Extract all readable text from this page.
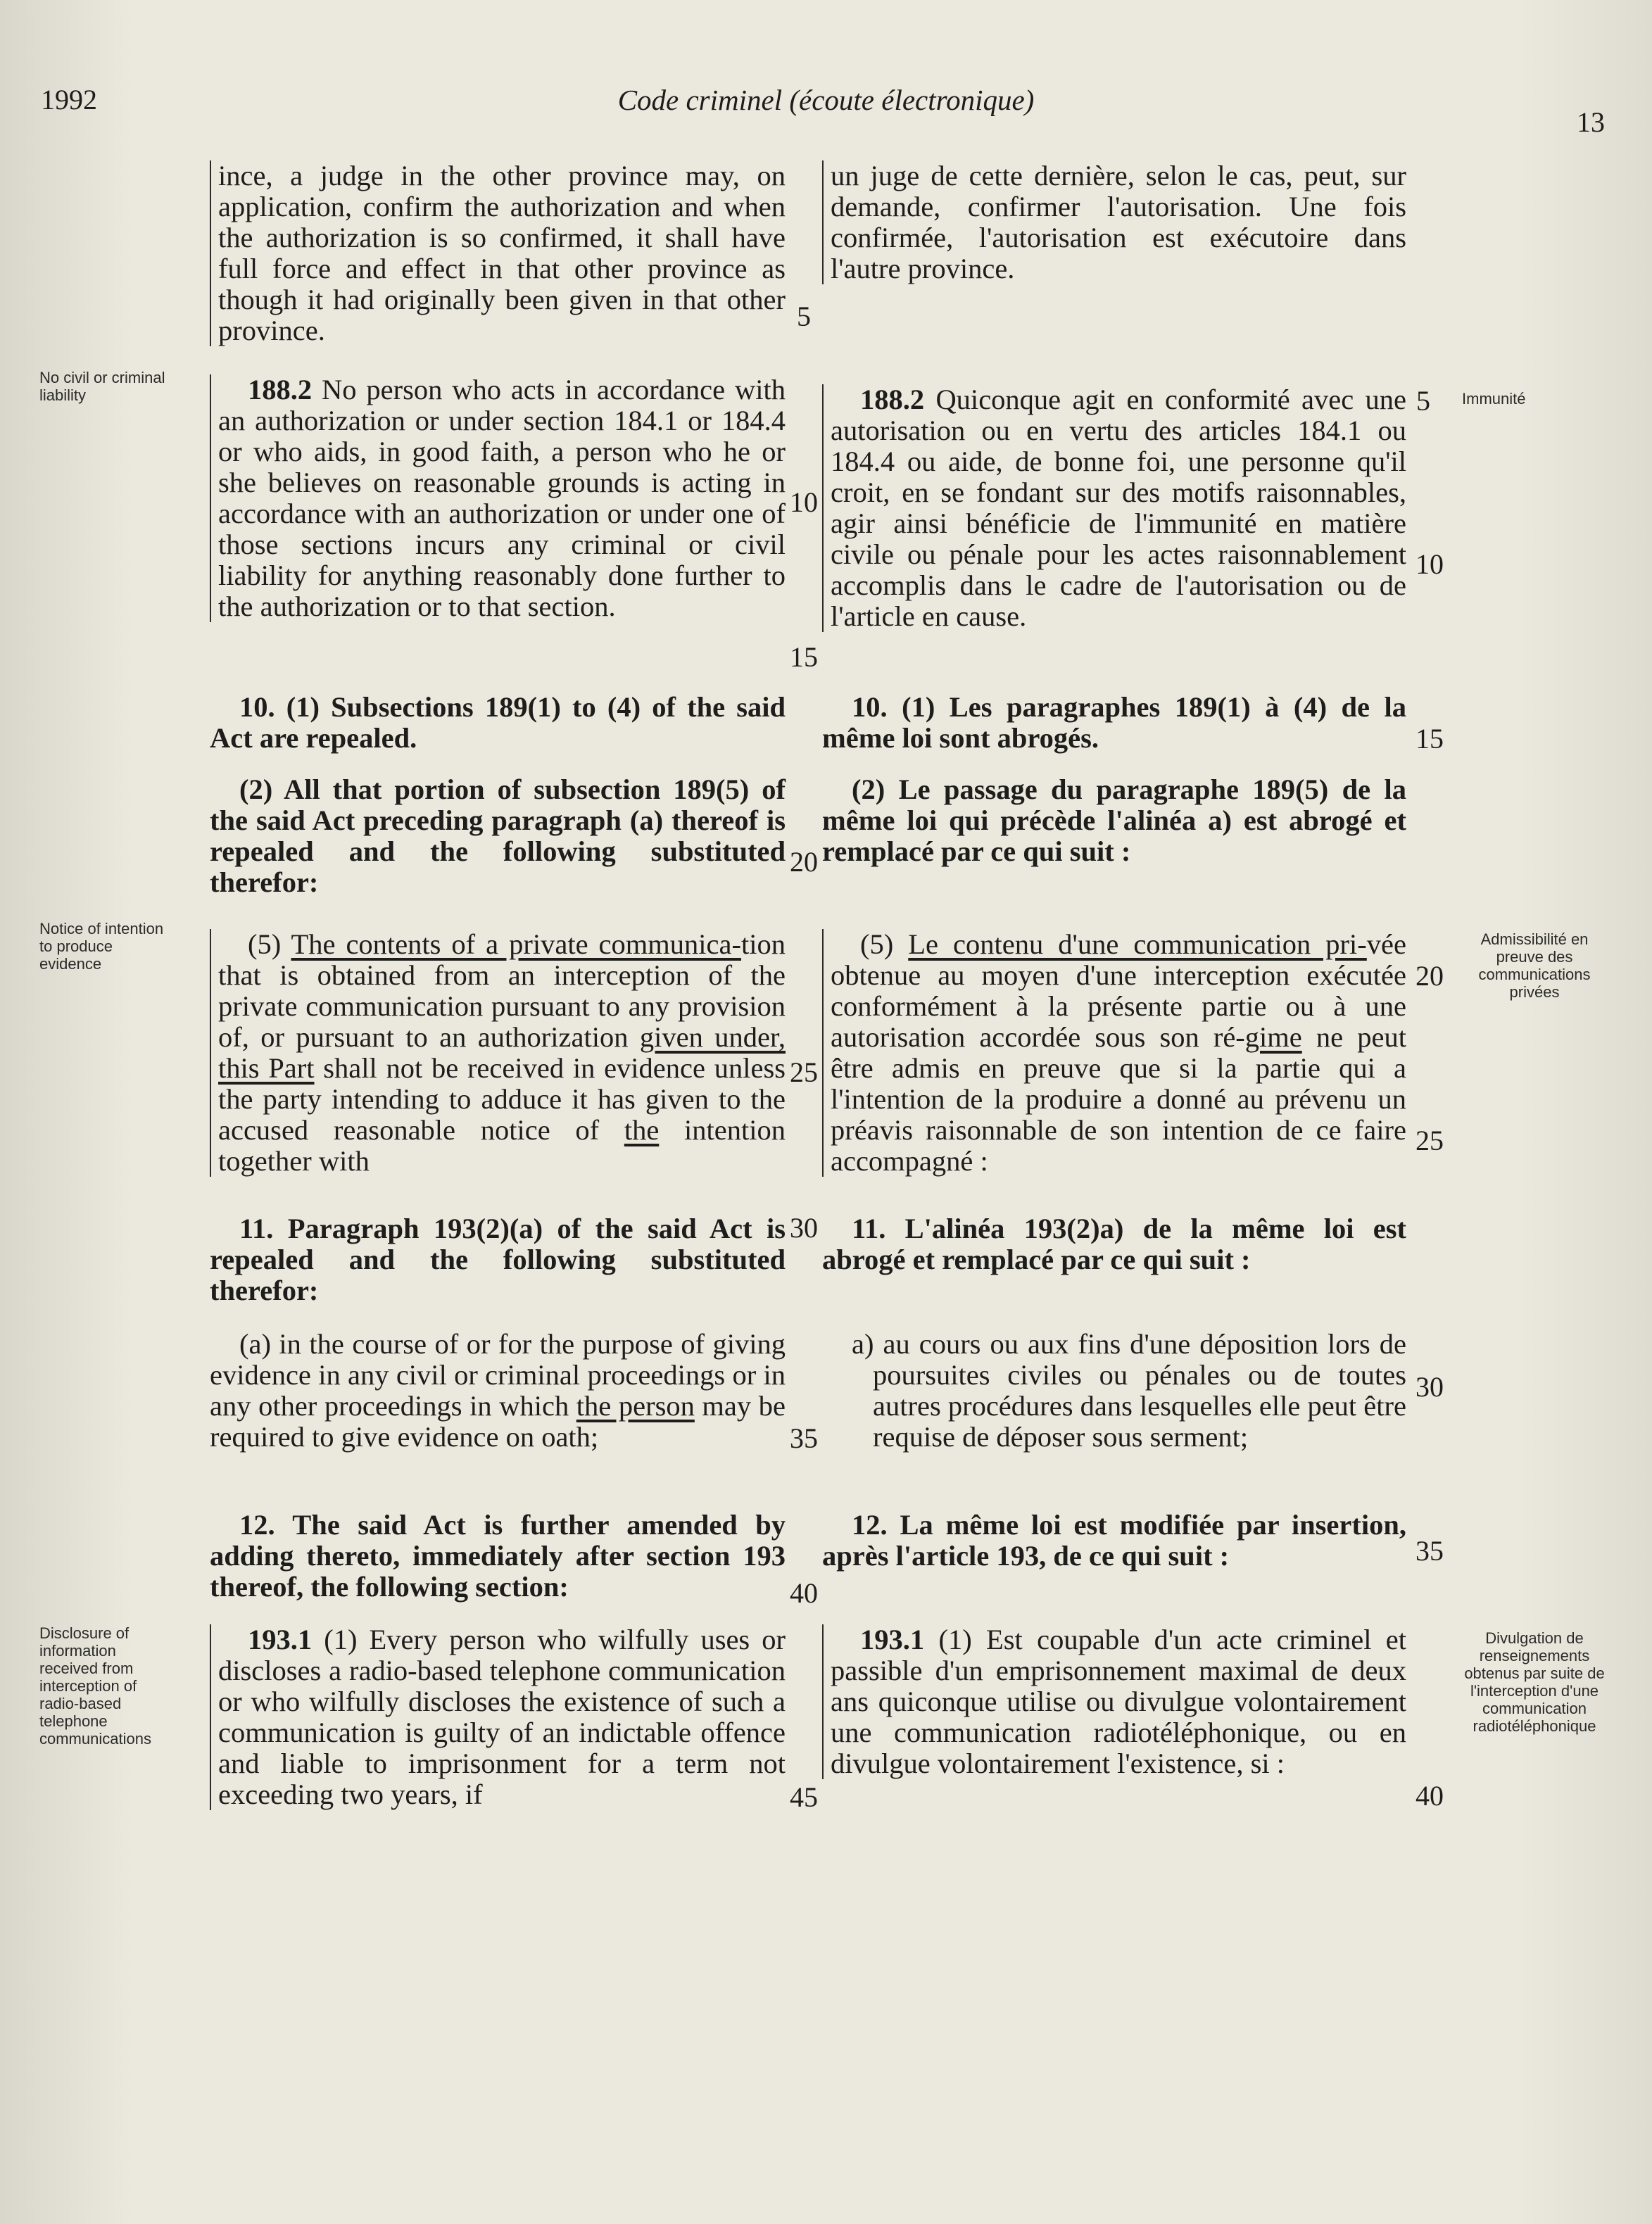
1992	Code criminel (écoute électronique)
13
No civil or criminal liability
Notice of intention to produce evidence
Disclosure of information received from interception of radio-based telephone communications
Immunité
Admissibilité en preuve des communications privées
Divulgation de renseignements obtenus par suite de l'interception d'une communication radiotéléphonique

ince, a judge in the other province may, on application, confirm the authorization and when the authorization is so confirmed, it shall have full force and effect in that other province as though it had originally been given in that other province.

188.2 No person who acts in accordance with an authorization or under section 184.1 or 184.4 or who aids, in good faith, a person who he or she believes on reasonable grounds is acting in accordance with an authorization or under one of those sections incurs any criminal or civil liability for anything reasonably done further to the authorization or to that section.

10. (1) Subsections 189(1) to (4) of the said Act are repealed.

(2) All that portion of subsection 189(5) of the said Act preceding paragraph (a) thereof is repealed and the following substituted therefor:

(5) The contents of a private communica-tion that is obtained from an interception of the private communication pursuant to any provision of, or pursuant to an authorization given under, this Part shall not be received in evidence unless the party intending to adduce it has given to the accused reasonable notice of the intention together with

11. Paragraph 193(2)(a) of the said Act is repealed and the following substituted therefor:

(a) in the course of or for the purpose of giving evidence in any civil or criminal proceedings or in any other proceedings in which the person may be required to give evidence on oath;

12. The said Act is further amended by adding thereto, immediately after section 193 thereof, the following section:

193.1 (1) Every person who wilfully uses or discloses a radio-based telephone communication or who wilfully discloses the existence of such a communication is guilty of an indictable offence and liable to imprisonment for a term not exceeding two years, if

5
10
15
20
25
30
35
40
45

un juge de cette dernière, selon le cas, peut, sur demande, confirmer l'autorisation. Une fois confirmée, l'autorisation est exécutoire dans l'autre province.

188.2 Quiconque agit en conformité avec une autorisation ou en vertu des articles 184.1 ou 184.4 ou aide, de bonne foi, une personne qu'il croit, en se fondant sur des motifs raisonnables, agir ainsi bénéficie de l'immunité en matière civile ou pénale pour les actes raisonnablement accomplis dans le cadre de l'autorisation ou de l'article en cause.

10. (1) Les paragraphes 189(1) à (4) de la même loi sont abrogés.

(2) Le passage du paragraphe 189(5) de la même loi qui précède l'alinéa a) est abrogé et remplacé par ce qui suit :

(5) Le contenu d'une communication pri-vée obtenue au moyen d'une interception exécutée conformément à la présente partie ou à une autorisation accordée sous son ré-gime ne peut être admis en preuve que si la partie qui a l'intention de la produire a donné au prévenu un préavis raisonnable de son intention de ce faire accompagné :

11. L'alinéa 193(2)a) de la même loi est abrogé et remplacé par ce qui suit :

a) au cours ou aux fins d'une déposition lors de poursuites civiles ou pénales ou de toutes autres procédures dans lesquelles elle peut être requise de déposer sous serment;

12. La même loi est modifiée par insertion, après l'article 193, de ce qui suit :

193.1 (1) Est coupable d'un acte criminel et passible d'un emprisonnement maximal de deux ans quiconque utilise ou divulgue volontairement une communication radiotéléphonique, ou en divulgue volontairement l'existence, si :

5
10
15
20
25
30
35
40
